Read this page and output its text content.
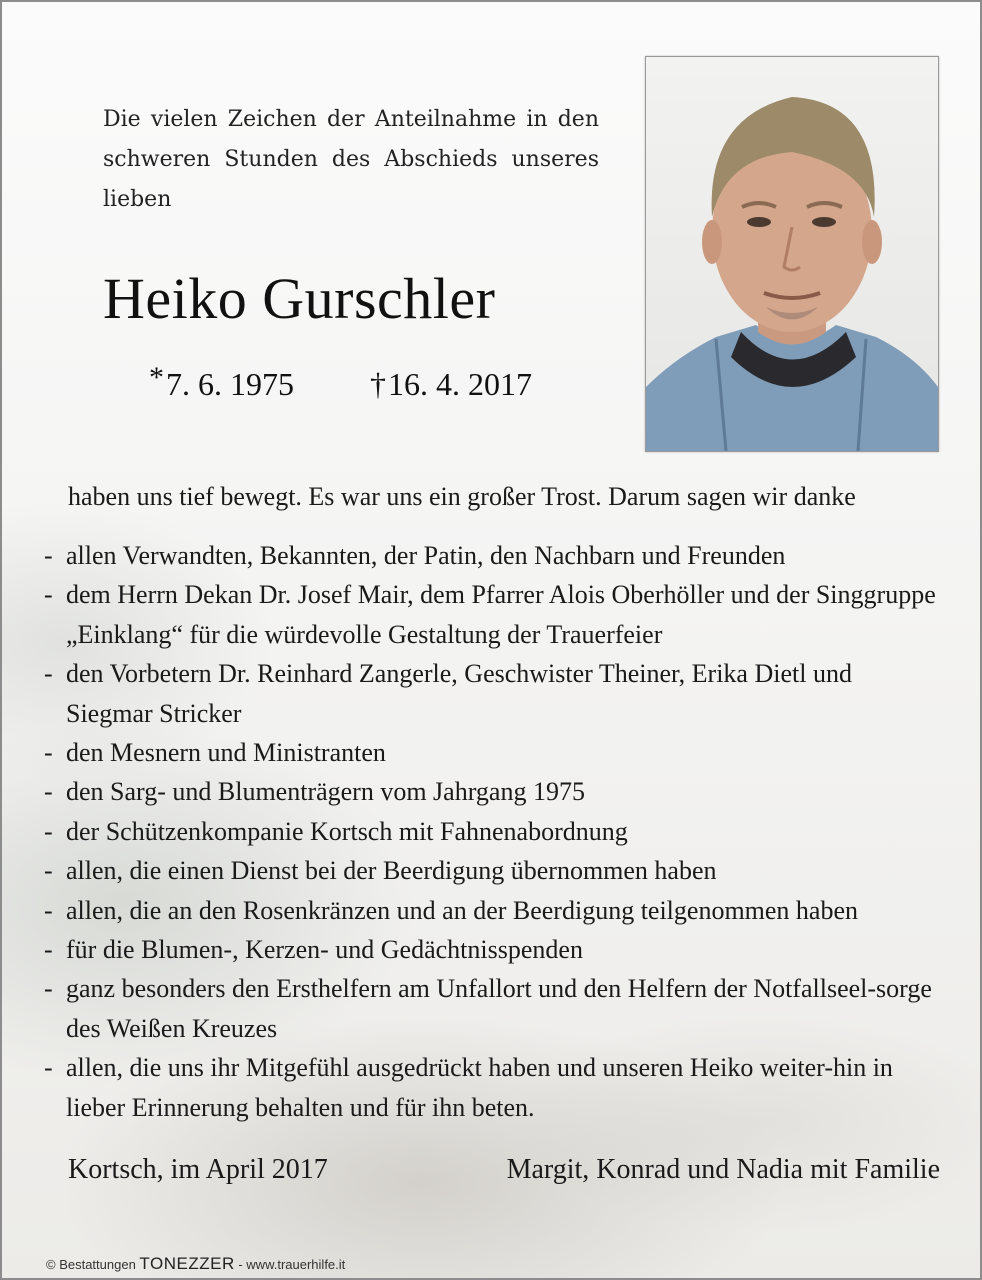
Die vielen Zeichen der Anteilnahme in den schweren Stunden des Abschieds unseres lieben
Heiko Gurschler
*7. 6. 1975 †16. 4. 2017
haben uns tief bewegt. Es war uns ein großer Trost. Darum sagen wir danke
- allen Verwandten, Bekannten, der Patin, den Nachbarn und Freunden
- dem Herrn Dekan Dr. Josef Mair, dem Pfarrer Alois Oberhöller und der Singgruppe „Einklang“ für die würdevolle Gestaltung der Trauerfeier
- den Vorbetern Dr. Reinhard Zangerle, Geschwister Theiner, Erika Dietl und Siegmar Stricker
- den Mesnern und Ministranten
- den Sarg- und Blumenträgern vom Jahrgang 1975
- der Schützenkompanie Kortsch mit Fahnenabordnung
- allen, die einen Dienst bei der Beerdigung übernommen haben
- allen, die an den Rosenkränzen und an der Beerdigung teilgenommen haben
- für die Blumen-, Kerzen- und Gedächtnisspenden
- ganz besonders den Ersthelfern am Unfallort und den Helfern der Notfallseel-sorge des Weißen Kreuzes
- allen, die uns ihr Mitgefühl ausgedrückt haben und unseren Heiko weiter-hin in lieber Erinnerung behalten und für ihn beten.
Kortsch, im April 2017	Margit, Konrad und Nadia mit Familie
© Bestattungen TONEZZER - www.trauerhilfe.it
